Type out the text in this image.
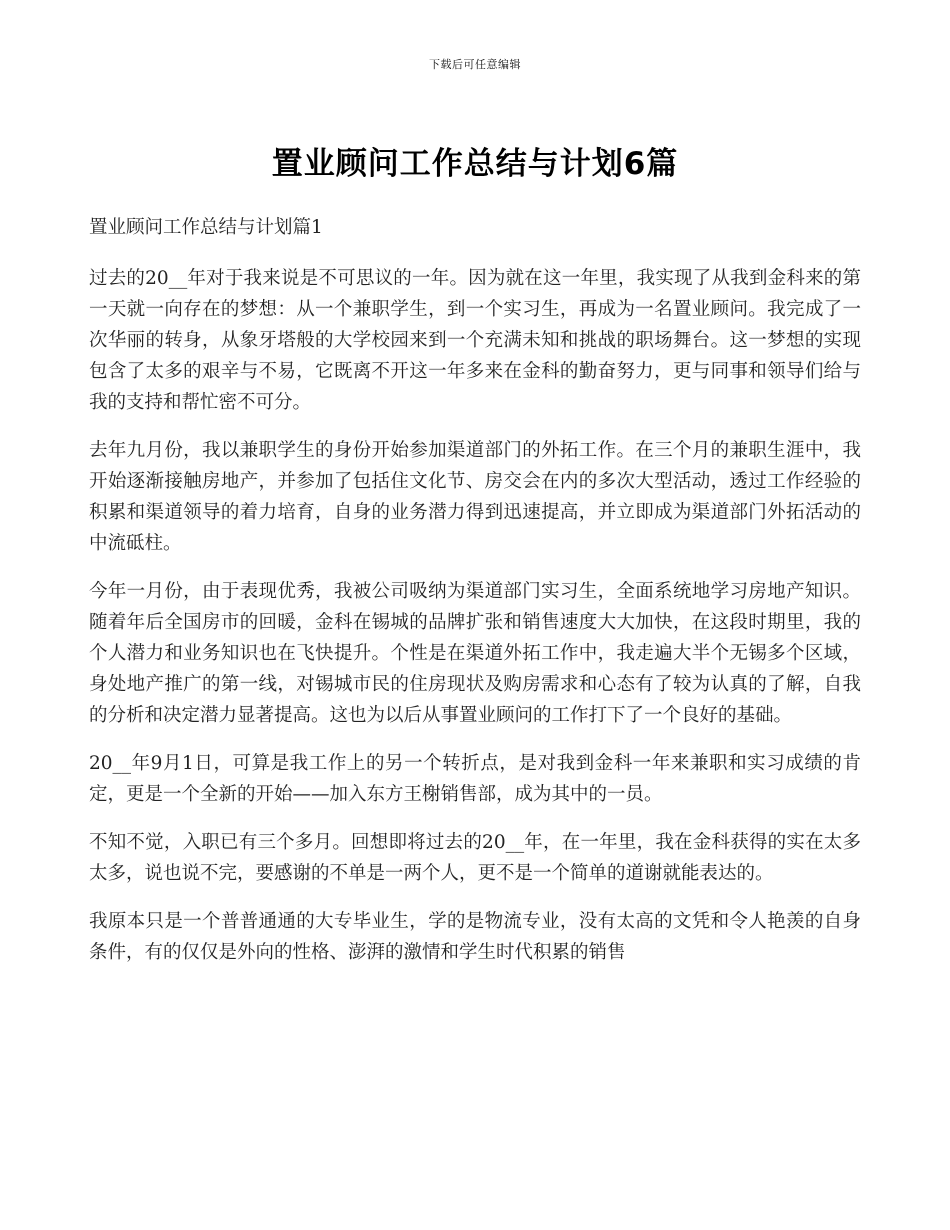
下载后可任意编辑
置业顾问工作总结与计划6篇
置业顾问工作总结与计划篇1

过去的20__年对于我来说是不可思议的一年。因为就在这一年里，我实现了从我到金科来的第一天就一向存在的梦想：从一个兼职学生，到一个实习生，再成为一名置业顾问。我完成了一次华丽的转身，从象牙塔般的大学校园来到一个充满未知和挑战的职场舞台。这一梦想的实现包含了太多的艰辛与不易，它既离不开这一年多来在金科的勤奋努力，更与同事和领导们给与我的支持和帮忙密不可分。

去年九月份，我以兼职学生的身份开始参加渠道部门的外拓工作。在三个月的兼职生涯中，我开始逐渐接触房地产，并参加了包括住文化节、房交会在内的多次大型活动，透过工作经验的积累和渠道领导的着力培育，自身的业务潜力得到迅速提高，并立即成为渠道部门外拓活动的中流砥柱。

今年一月份，由于表现优秀，我被公司吸纳为渠道部门实习生，全面系统地学习房地产知识。随着年后全国房市的回暖，金科在锡城的品牌扩张和销售速度大大加快，在这段时期里，我的个人潜力和业务知识也在飞快提升。个性是在渠道外拓工作中，我走遍大半个无锡多个区域，身处地产推广的第一线，对锡城市民的住房现状及购房需求和心态有了较为认真的了解，自我的分析和决定潜力显著提高。这也为以后从事置业顾问的工作打下了一个良好的基础。

20__年9月1日，可算是我工作上的另一个转折点，是对我到金科一年来兼职和实习成绩的肯定，更是一个全新的开始——加入东方王榭销售部，成为其中的一员。

不知不觉，入职已有三个多月。回想即将过去的20__年，在一年里，我在金科获得的实在太多太多，说也说不完，要感谢的不单是一两个人，更不是一个简单的道谢就能表达的。

我原本只是一个普普通通的大专毕业生，学的是物流专业，没有太高的文凭和令人艳羡的自身条件，有的仅仅是外向的性格、澎湃的激情和学生时代积累的销售
